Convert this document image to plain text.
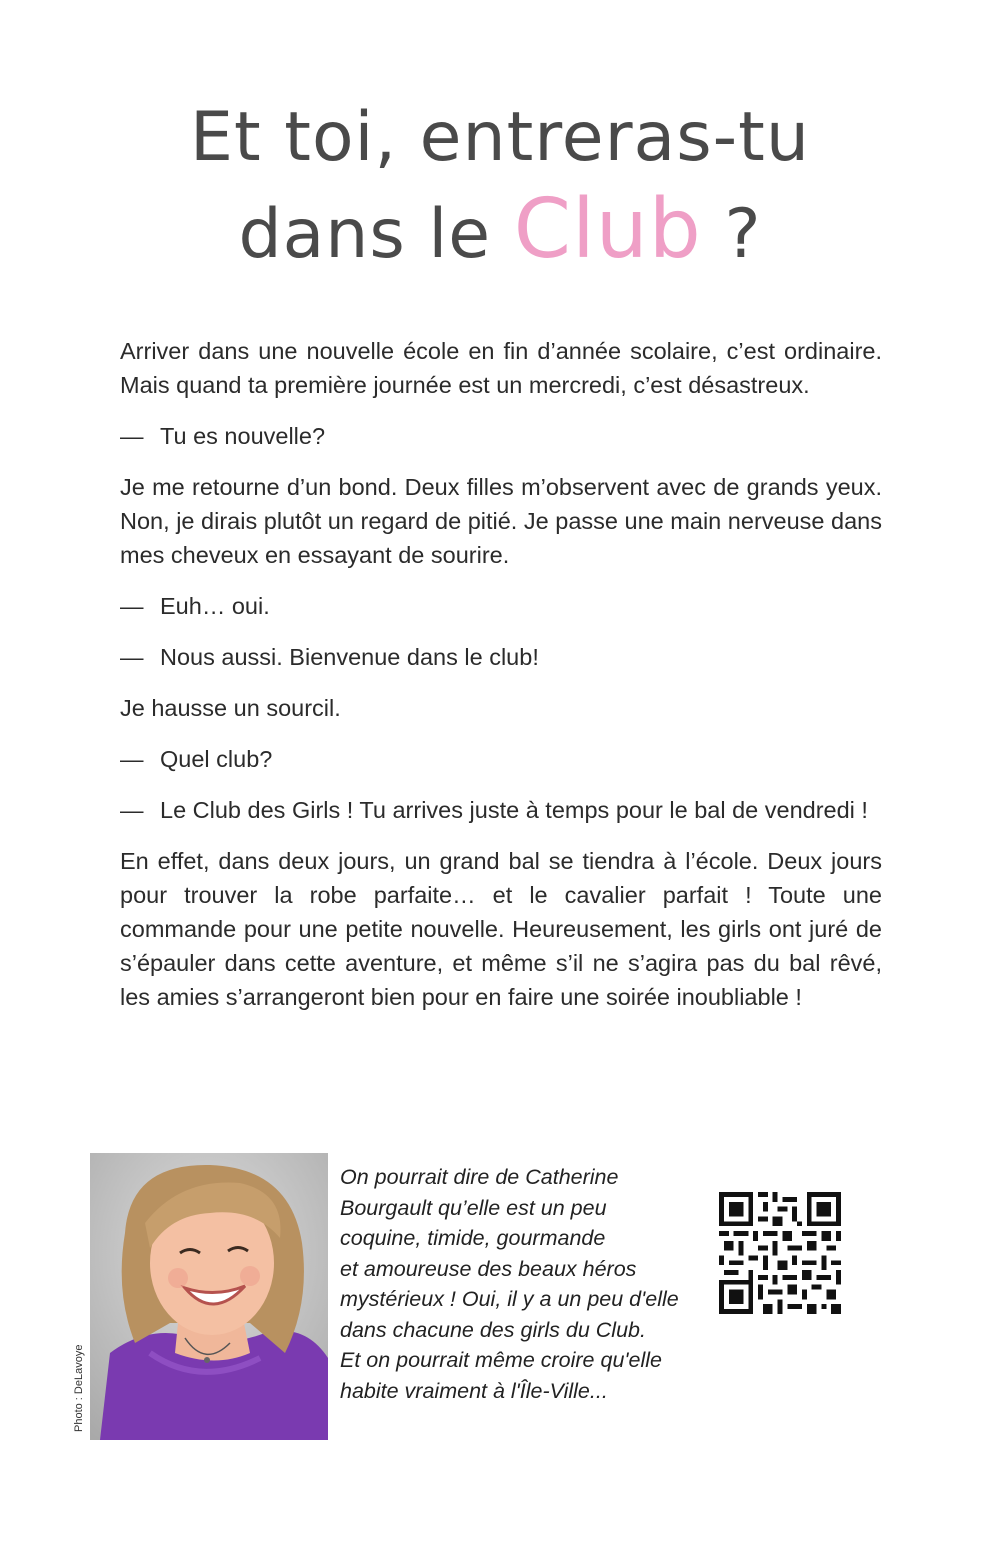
Et toi, entreras-tu
dans le Club ?

Arriver dans une nouvelle école en fin d’année scolaire, c’est ordinaire. Mais quand ta première journée est un mercredi, c’est désastreux.

— Tu es nouvelle?

Je me retourne d’un bond. Deux filles m’observent avec de grands yeux. Non, je dirais plutôt un regard de pitié. Je passe une main nerveuse dans mes cheveux en essayant de sourire.

— Euh… oui.

— Nous aussi. Bienvenue dans le club!

Je hausse un sourcil.

— Quel club?

— Le Club des Girls ! Tu arrives juste à temps pour le bal de vendredi !

En effet, dans deux jours, un grand bal se tiendra à l’école. Deux jours pour trouver la robe parfaite… et le cavalier parfait ! Toute une commande pour une petite nouvelle. Heureusement, les girls ont juré de s’épauler dans cette aventure, et même s’il ne s’agira pas du bal rêvé, les amies s’arrangeront bien pour en faire une soirée inoubliable !

Photo : DeLavoye
On pourrait dire de Catherine
Bourgault qu’elle est un peu
coquine, timide, gourmande
et amoureuse des beaux héros
mystérieux ! Oui, il y a un peu d'elle
dans chacune des girls du Club.
Et on pourrait même croire qu'elle
habite vraiment à l'Île-Ville...
